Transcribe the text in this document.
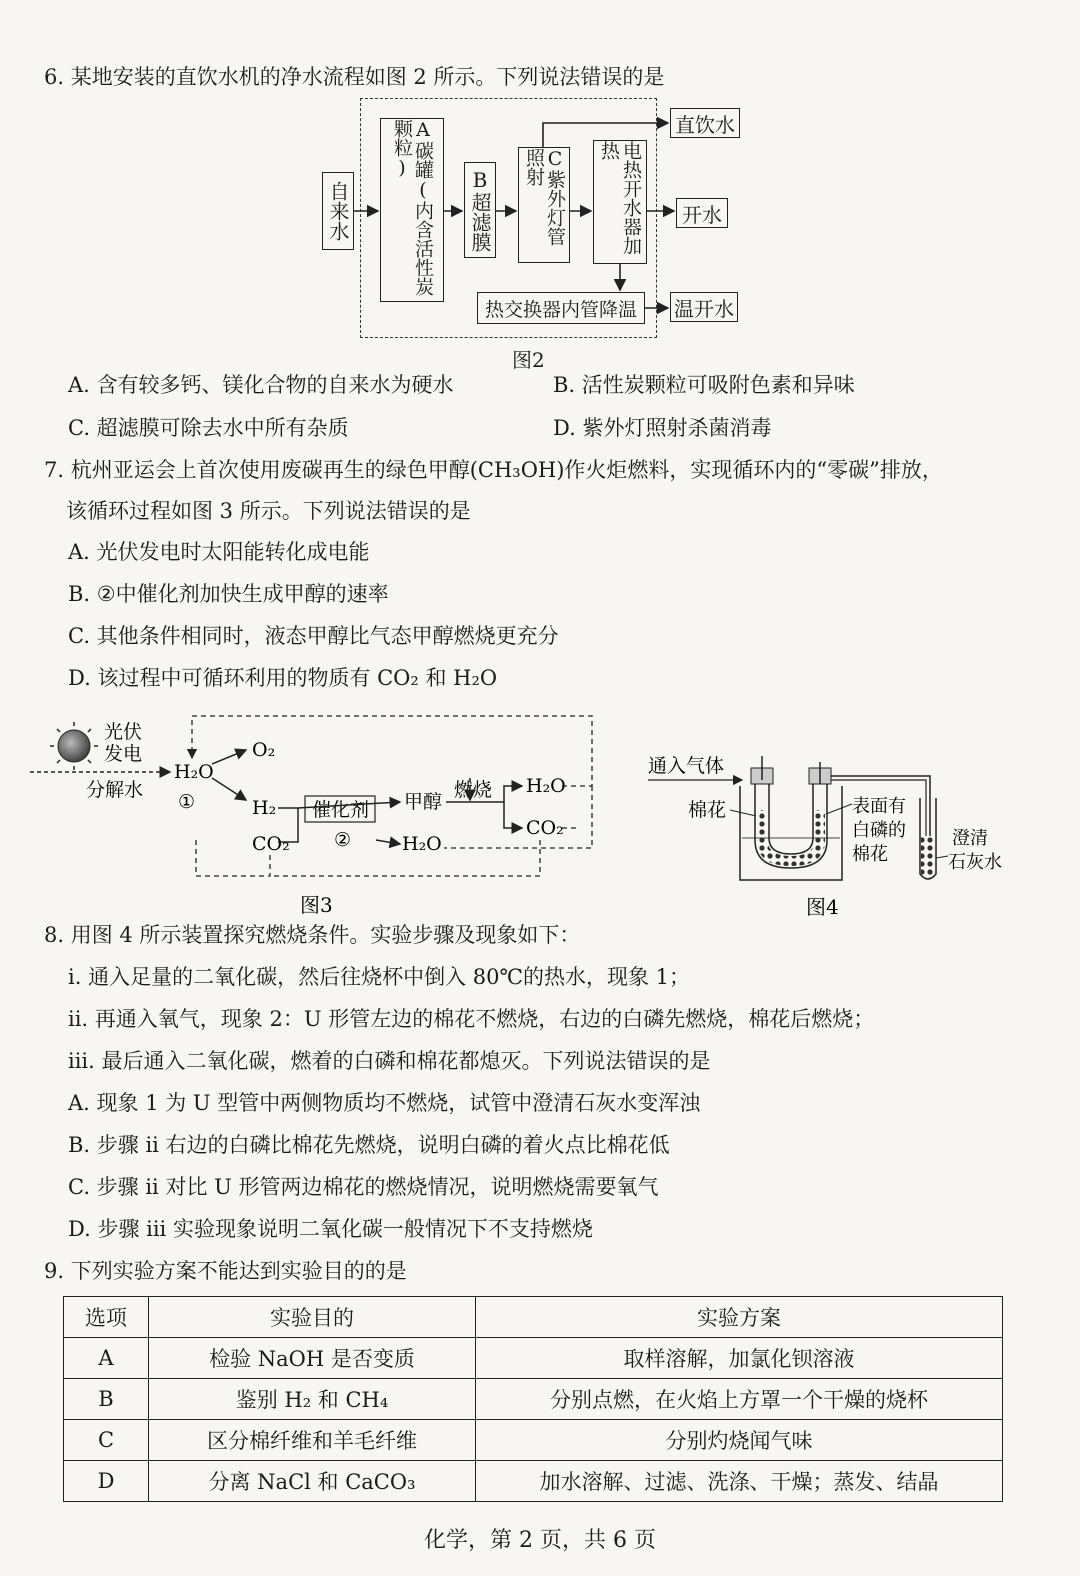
6. 某地安装的直饮水机的净水流程如图 2 所示。下列说法错误的是
自来水	A碳罐(内含活性炭颗粒)
B超滤膜	C紫外灯管照射	电热开水器加热
热交换器内管降温
直饮水
开水
温开水
图2
A. 含有较多钙、镁化合物的自来水为硬水	B. 活性炭颗粒可吸附色素和异味
C. 超滤膜可除去水中所有杂质	D. 紫外灯照射杀菌消毒
7. 杭州亚运会上首次使用废碳再生的绿色甲醇(CH₃OH)作火炬燃料，实现循环内的“零碳”排放，
该循环过程如图 3 所示。下列说法错误的是
A. 光伏发电时太阳能转化成电能
B. ②中催化剂加快生成甲醇的速率
C. 其他条件相同时，液态甲醇比气态甲醇燃烧更充分
D. 该过程中可循环利用的物质有 CO₂ 和 H₂O
光伏
发电
分解水
H₂O
①
O₂
H₂
CO₂
催化剂
②
甲醇
H₂O
燃烧 H₂O
CO₂
图3
通入气体
棉花	表面有
白磷的
棉花
澄清
石灰水
图4
8. 用图 4 所示装置探究燃烧条件。实验步骤及现象如下：
i. 通入足量的二氧化碳，然后往烧杯中倒入 80℃的热水，现象 1；
ii. 再通入氧气，现象 2：U 形管左边的棉花不燃烧，右边的白磷先燃烧，棉花后燃烧；
iii. 最后通入二氧化碳，燃着的白磷和棉花都熄灭。下列说法错误的是
A. 现象 1 为 U 型管中两侧物质均不燃烧，试管中澄清石灰水变浑浊
B. 步骤 ii 右边的白磷比棉花先燃烧，说明白磷的着火点比棉花低
C. 步骤 ii 对比 U 形管两边棉花的燃烧情况，说明燃烧需要氧气
D. 步骤 iii 实验现象说明二氧化碳一般情况下不支持燃烧
9. 下列实验方案不能达到实验目的的是
选项	实验目的	实验方案
A	检验 NaOH 是否变质	取样溶解，加氯化钡溶液
B	鉴别 H₂ 和 CH₄	分别点燃，在火焰上方罩一个干燥的烧杯
C	区分棉纤维和羊毛纤维	分别灼烧闻气味
D	分离 NaCl 和 CaCO₃	加水溶解、过滤、洗涤、干燥；蒸发、结晶
化学，第 2 页，共 6 页
